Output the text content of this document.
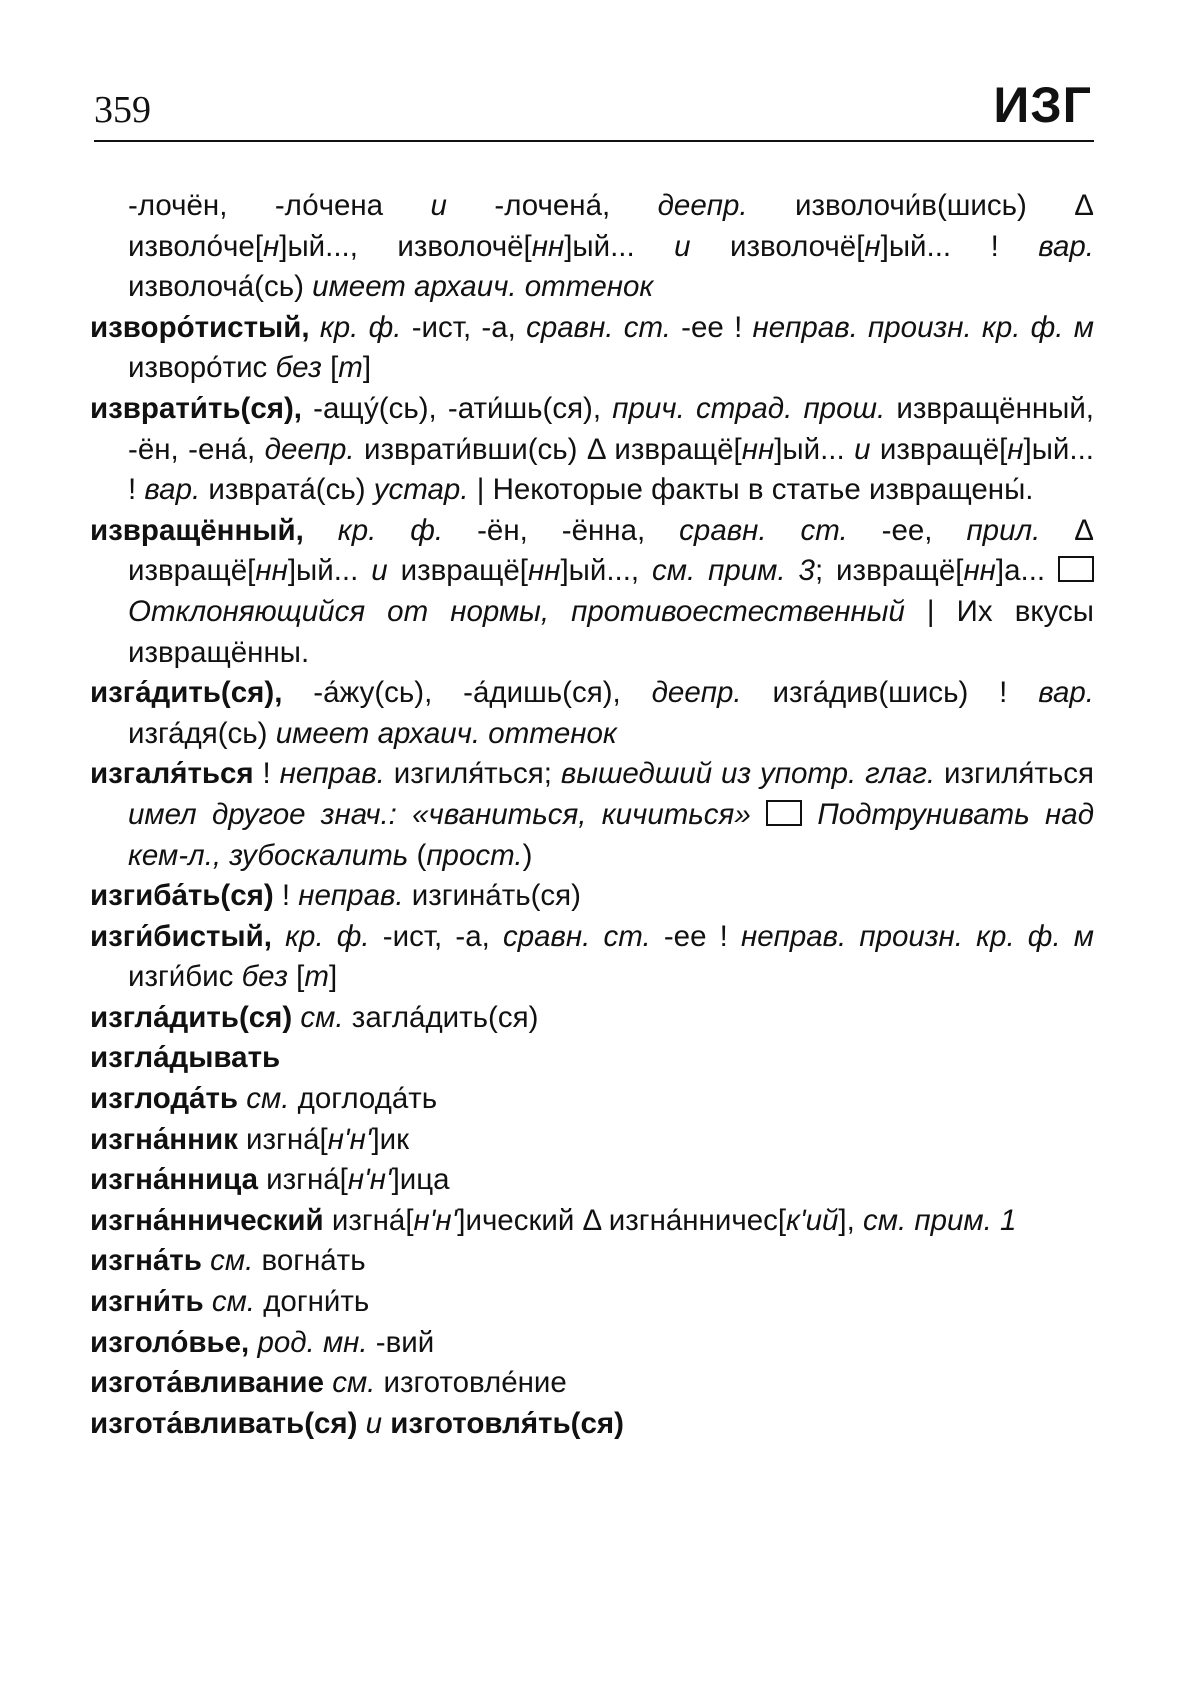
359	ИЗГ

-лочён, -ло́чена и -лочена́, деепр. изволочи́в(шись) Δ изволо́че[н]ый..., изволочё[нн]ый... и изволочё[н]ый... ! вар. изволоча́(сь) имеет архаич. оттенок

изворо́тистый, кр. ф. -ист, -а, сравн. ст. -ее ! неправ. произн. кр. ф. м изворо́тис без [т]

изврати́ть(ся), -ащу́(сь), -ати́шь(ся), прич. страд. прош. извращённый, -ён, -ена́, деепр. изврати́вши(сь) Δ извращё[нн]ый... и извращё[н]ый... ! вар. изврата́(сь) устар. | Некоторые факты в статье извращены́.

извращённый, кр. ф. -ён, -ённа, сравн. ст. -ее, прил. Δ извращё[нн]ый... и извращё[нн]ый..., см. прим. 3; извращё[нн]а...  Отклоняющийся от нормы, противоестественный | Их вкусы извращённы.

изга́дить(ся), -а́жу(сь), -а́дишь(ся), деепр. изга́див(шись) ! вар. изга́дя(сь) имеет архаич. оттенок

изгаля́ться ! неправ. изгиля́ться; вышедший из употр. глаг. изгиля́ться имел другое знач.: «чваниться, кичиться» Подтрунивать над кем-л., зубоскалить (прост.)

изгиба́ть(ся) ! неправ. изгина́ть(ся)

изги́бистый, кр. ф. -ист, -а, сравн. ст. -ее ! неправ. произн. кр. ф. м изги́бис без [т]

изгла́дить(ся) см. загла́дить(ся)

изгла́дывать

изглода́ть см. доглода́ть

изгна́нник изгна́[нʹнʹ]ик

изгна́нница изгна́[нʹнʹ]ица

изгна́ннический изгна́[нʹнʹ]ический Δ изгна́нничес[кʹий], см. прим. 1

изгна́ть см. вогна́ть

изгни́ть см. догни́ть

изголо́вье, род. мн. -вий

изгота́вливание см. изготовле́ние

изгота́вливать(ся) и изготовля́ть(ся)
